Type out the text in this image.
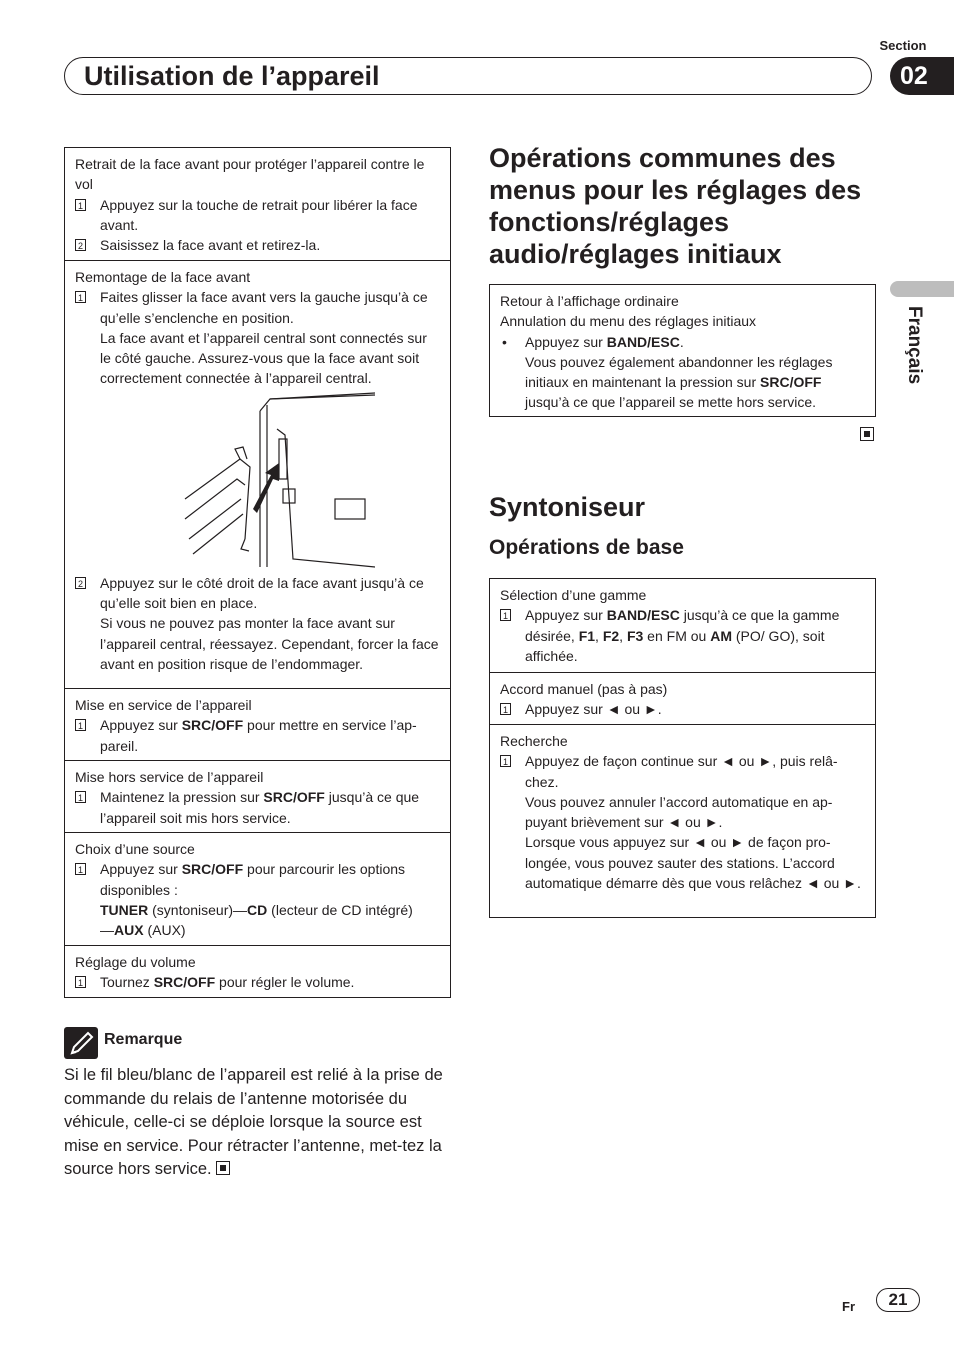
Section
Utilisation de l’appareil	02
Français
Retrait de la face avant pour protéger l’appareil contre le vol
1 Appuyez sur la touche de retrait pour libérer la face avant.
2 Saisissez la face avant et retirez-la.
Remontage de la face avant
1 Faites glisser la face avant vers la gauche jusqu’à ce qu’elle s’enclenche en position.
La face avant et l’appareil central sont connectés sur le côté gauche. Assurez-vous que la face avant soit correctement connectée à l’appareil central.
2 Appuyez sur le côté droit de la face avant jusqu’à ce qu’elle soit bien en place.
Si vous ne pouvez pas monter la face avant sur l’appareil central, réessayez. Cependant, forcer la face avant en position risque de l’endommager.
Mise en service de l’appareil
1 Appuyez sur SRC/OFF pour mettre en service l’ap-pareil.
Mise hors service de l’appareil
1 Maintenez la pression sur SRC/OFF jusqu’à ce que l’appareil soit mis hors service.
Choix d’une source
1 Appuyez sur SRC/OFF pour parcourir les options disponibles :
TUNER (syntoniseur)—CD (lecteur de CD intégré)
—AUX (AUX)
Réglage du volume
1 Tournez SRC/OFF pour régler le volume.
Remarque
Si le fil bleu/blanc de l’appareil est relié à la prise de commande du relais de l’antenne motorisée du véhicule, celle-ci se déploie lorsque la source est mise en service. Pour rétracter l’antenne, met-tez la source hors service.
Opérations communes des menus pour les réglages des fonctions/réglages audio/réglages initiaux
Retour à l’affichage ordinaire
Annulation du menu des réglages initiaux
• Appuyez sur BAND/ESC.
Vous pouvez également abandonner les réglages initiaux en maintenant la pression sur SRC/OFF jusqu’à ce que l’appareil se mette hors service.
Syntoniseur
Opérations de base
Sélection d’une gamme
1 Appuyez sur BAND/ESC jusqu’à ce que la gamme désirée, F1, F2, F3 en FM ou AM (PO/ GO), soit affichée.
Accord manuel (pas à pas)
1 Appuyez sur ◄ ou ►.
Recherche
1 Appuyez de façon continue sur ◄ ou ►, puis relâ-chez.
Vous pouvez annuler l’accord automatique en ap-puyant brièvement sur ◄ ou ►.
Lorsque vous appuyez sur ◄ ou ► de façon pro-longée, vous pouvez sauter des stations. L’accord automatique démarre dès que vous relâchez ◄ ou ►.
Fr	21
